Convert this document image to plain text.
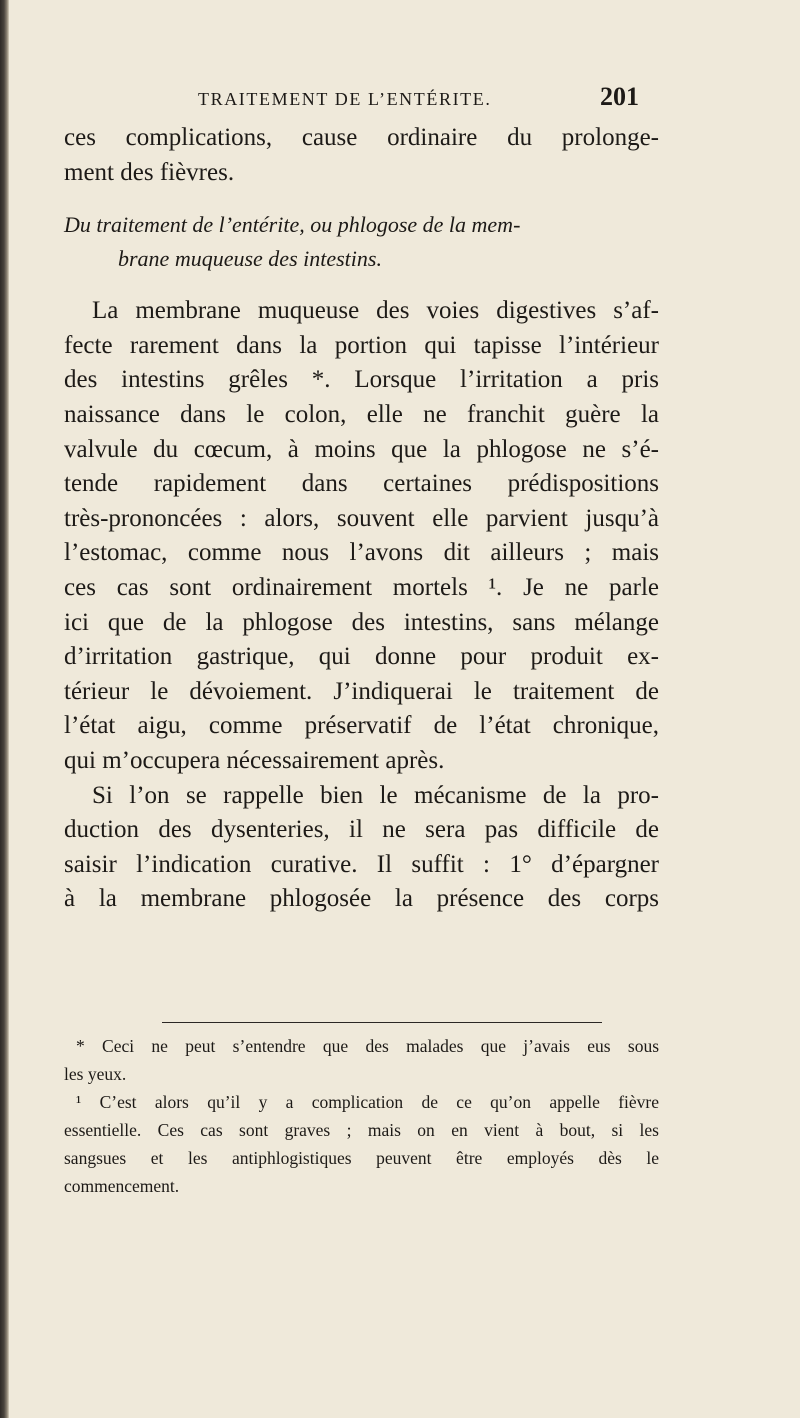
TRAITEMENT DE L’ENTÉRITE.	201
ces complications, cause ordinaire du prolonge-
ment des fièvres.
Du traitement de l’entérite, ou phlogose de la mem-
brane muqueuse des intestins.
La membrane muqueuse des voies digestives s’af-
fecte rarement dans la portion qui tapisse l’intérieur
des intestins grêles *. Lorsque l’irritation a pris
naissance dans le colon, elle ne franchit guère la
valvule du cœcum, à moins que la phlogose ne s’é-
tende rapidement dans certaines prédispositions
très-prononcées : alors, souvent elle parvient jusqu’à
l’estomac, comme nous l’avons dit ailleurs ; mais
ces cas sont ordinairement mortels ¹. Je ne parle
ici que de la phlogose des intestins, sans mélange
d’irritation gastrique, qui donne pour produit ex-
térieur le dévoiement. J’indiquerai le traitement de
l’état aigu, comme préservatif de l’état chronique,
qui m’occupera nécessairement après.
Si l’on se rappelle bien le mécanisme de la pro-
duction des dysenteries, il ne sera pas difficile de
saisir l’indication curative. Il suffit : 1° d’épargner
à la membrane phlogosée la présence des corps
* Ceci ne peut s’entendre que des malades que j’avais eus sous
les yeux.
¹ C’est alors qu’il y a complication de ce qu’on appelle fièvre
essentielle. Ces cas sont graves ; mais on en vient à bout, si les
sangsues et les antiphlogistiques peuvent être employés dès le
commencement.
